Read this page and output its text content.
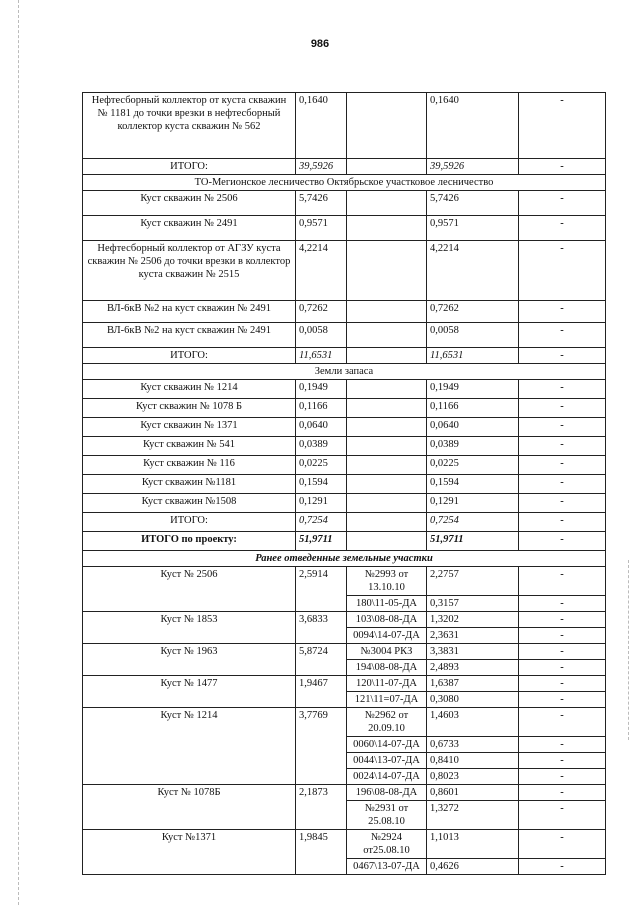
986
Нефтесборный коллектор от куста скважин № 1181 до точки врезки в нефтесборный коллектор куста скважин № 562	0,1640		0,1640	-
ИТОГО:	39,5926		39,5926	-
ТО-Мегионское лесничество Октябрьское участковое лесничество				
Куст скважин № 2506	5,7426		5,7426	-
Куст скважин № 2491	0,9571		0,9571	-
Нефтесборный коллектор от АГЗУ куста скважин № 2506 до точки врезки в коллектор куста скважин № 2515	4,2214		4,2214	-
ВЛ-6кВ №2 на куст скважин № 2491	0,7262		0,7262	-
ВЛ-6кВ №2 на куст скважин № 2491	0,0058		0,0058	-
ИТОГО:	11,6531		11,6531	-
Земли запаса				
Куст скважин № 1214	0,1949		0,1949	-
Куст скважин № 1078 Б	0,1166		0,1166	-
Куст скважин № 1371	0,0640		0,0640	-
Куст скважин № 541	0,0389		0,0389	-
Куст скважин № 116	0,0225		0,0225	-
Куст скважин №1181	0,1594		0,1594	-
Куст скважин №1508	0,1291		0,1291	-
ИТОГО:	0,7254		0,7254	-
ИТОГО по проекту:	51,9711		51,9711	-
Ранее отведенные земельные участки				
Куст № 2506	2,5914	№2993 от 13.10.10	2,2757	-
		180\11-05-ДА	0,3157	-
Куст № 1853	3,6833	103\08-08-ДА	1,3202	-
		0094\14-07-ДА	2,3631	-
Куст № 1963	5,8724	№3004 РКЗ	3,3831	-
		194\08-08-ДА	2,4893	-
Куст № 1477	1,9467	120\11-07-ДА	1,6387	-
		121\11=07-ДА	0,3080	-
Куст № 1214	3,7769	№2962 от 20.09.10	1,4603	-
		0060\14-07-ДА	0,6733	-
		0044\13-07-ДА	0,8410	-
		0024\14-07-ДА	0,8023	-
Куст № 1078Б	2,1873	196\08-08-ДА	0,8601	-
		№2931 от 25.08.10	1,3272	-
Куст №1371	1,9845	№2924 от25.08.10	1,1013	-
		0467\13-07-ДА	0,4626	-
